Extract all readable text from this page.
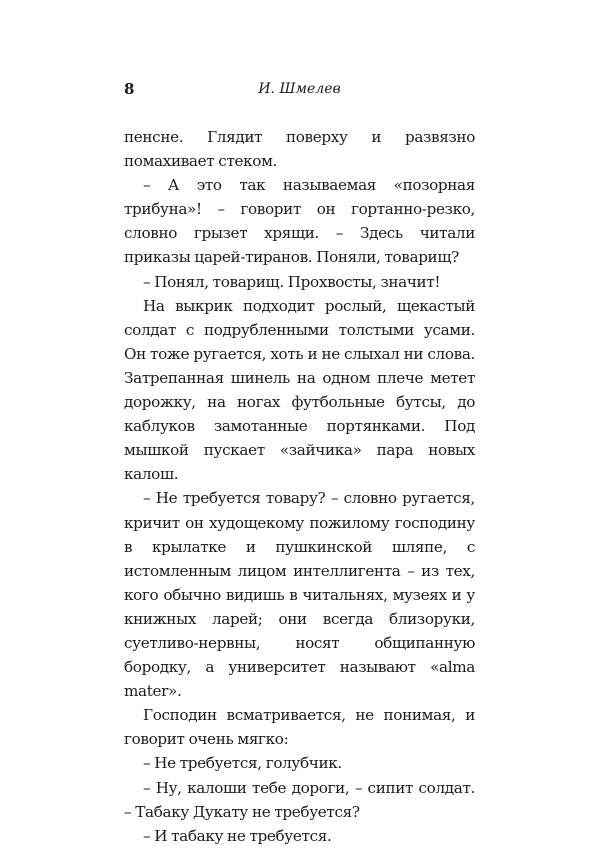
8	И. Шмелев

пенсне. Глядит поверху и развязно помахивает стеком.

– А это так называемая «позорная трибуна»! – говорит он гортанно-резко, словно грызет хрящи. – Здесь читали приказы царей-тиранов. Поняли, товарищ?

– Понял, товарищ. Прохвосты, значит!

На выкрик подходит рослый, щекастый солдат с подрубленными толстыми усами. Он тоже ругается, хоть и не слыхал ни слова. Затрепанная шинель на одном плече метет дорожку, на ногах футбольные бутсы, до каблуков замотанные портянками. Под мышкой пускает «зайчика» пара новых калош.

– Не требуется товару? – словно ругается, кричит он худощекому пожилому господину в крылатке и пушкинской шляпе, с истомленным лицом интеллигента – из тех, кого обычно видишь в читальнях, музеях и у книжных ларей; они всегда близоруки, суетливо-нервны, носят общипанную бородку, а университет называют «alma mater».

Господин всматривается, не понимая, и говорит очень мягко:

– Не требуется, голубчик.

– Ну, калоши тебе дороги, – сипит солдат. – Табаку Дукату не требуется?

– И табаку не требуется.
